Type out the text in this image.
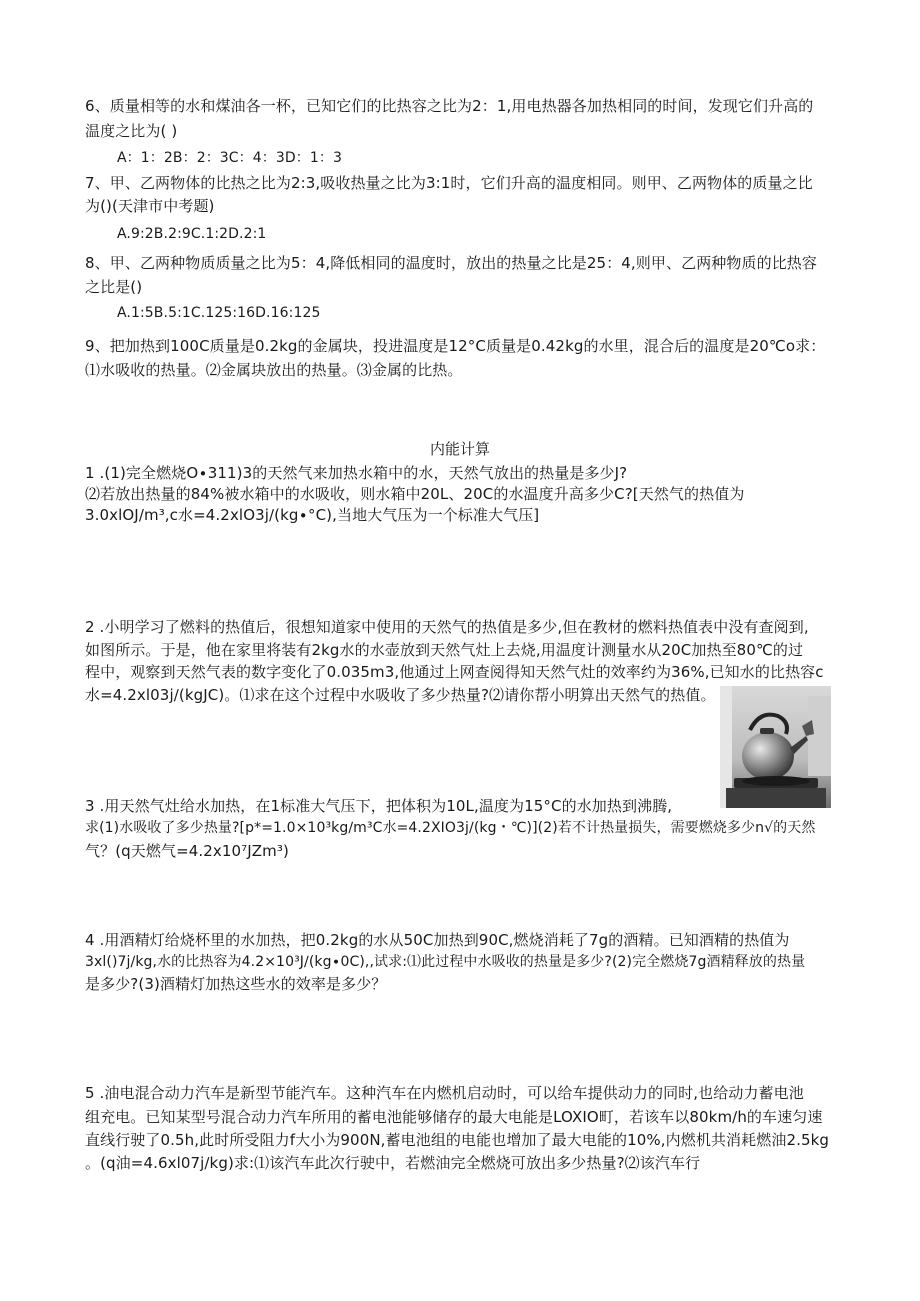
6、质量相等的水和煤油各一杯，已知它们的比热容之比为2：1,用电热器各加热相同的时间，发现它们升高的
温度之比为( )
A：1：2B：2：3C：4：3D：1：3
7、甲、乙两物体的比热之比为2:3,吸收热量之比为3:1时，它们升高的温度相同。则甲、乙两物体的质量之比
为()(天津市中考题)
A.9:2B.2:9C.1:2D.2:1
8、甲、乙两种物质质量之比为5：4,降低相同的温度时，放出的热量之比是25：4,则甲、乙两种物质的比热容
之比是()
A.1:5B.5:1C.125:16D.16:125
9、把加热到100C质量是0.2kg的金属块，投进温度是12°C质量是0.42kg的水里，混合后的温度是20℃o求：
⑴水吸收的热量。⑵金属块放出的热量。⑶金属的比热。
内能计算
1 .(1)完全燃烧O∙311)3的天然气来加热水箱中的水，天然气放出的热量是多少J?
⑵若放出热量的84%被水箱中的水吸收，则水箱中20L、20C的水温度升高多少C?[天然气的热值为
3.0xlOJ/m³,c水=4.2xlO3j∕(kg∙°C),当地大气压为一个标准大气压]
2 .小明学习了燃料的热值后，很想知道家中使用的天然气的热值是多少,但在教材的燃料热值表中没有查阅到,
如图所示。于是，他在家里将装有2kg水的水壶放到天然气灶上去烧,用温度计测量水从20C加热至80℃的过
程中，观察到天然气表的数字变化了0.035m3,他通过上网查阅得知天然气灶的效率约为36%,已知水的比热容c
水=4.2xl03j∕(kgJC)。⑴求在这个过程中水吸收了多少热量?⑵请你帮小明算出天然气的热值。
3 .用天然气灶给水加热，在1标准大气压下，把体积为10L,温度为15°C的水加热到沸腾,
求(1)水吸收了多少热量?[p*=1.0×10³kg∕m³C水=4.2XIO3j∕(kg・℃)](2)若不计热量损失，需要燃烧多少n√的天然
气？(q天燃气=4.2x10⁷JZm³)
4 .用酒精灯给烧杯里的水加热，把0.2kg的水从50C加热到90C,燃烧消耗了7g的酒精。已知酒精的热值为
3xl()7j∕kg,水的比热容为4.2×10³J∕(kg∙0C),,试求:⑴此过程中水吸收的热量是多少?(2)完全燃烧7g酒精释放的热量
是多少?(3)酒精灯加热这些水的效率是多少？
5 .油电混合动力汽车是新型节能汽车。这种汽车在内燃机启动时，可以给车提供动力的同时,也给动力蓄电池
组充电。已知某型号混合动力汽车所用的蓄电池能够储存的最大电能是LOXIO町，若该车以80km∕h的车速匀速
直线行驶了0.5h,此时所受阻力f大小为900N,蓄电池组的电能也增加了最大电能的10%,内燃机共消耗燃油2.5kg
。(q油=4.6xl07j∕kg)求:⑴该汽车此次行驶中，若燃油完全燃烧可放出多少热量?⑵该汽车行
